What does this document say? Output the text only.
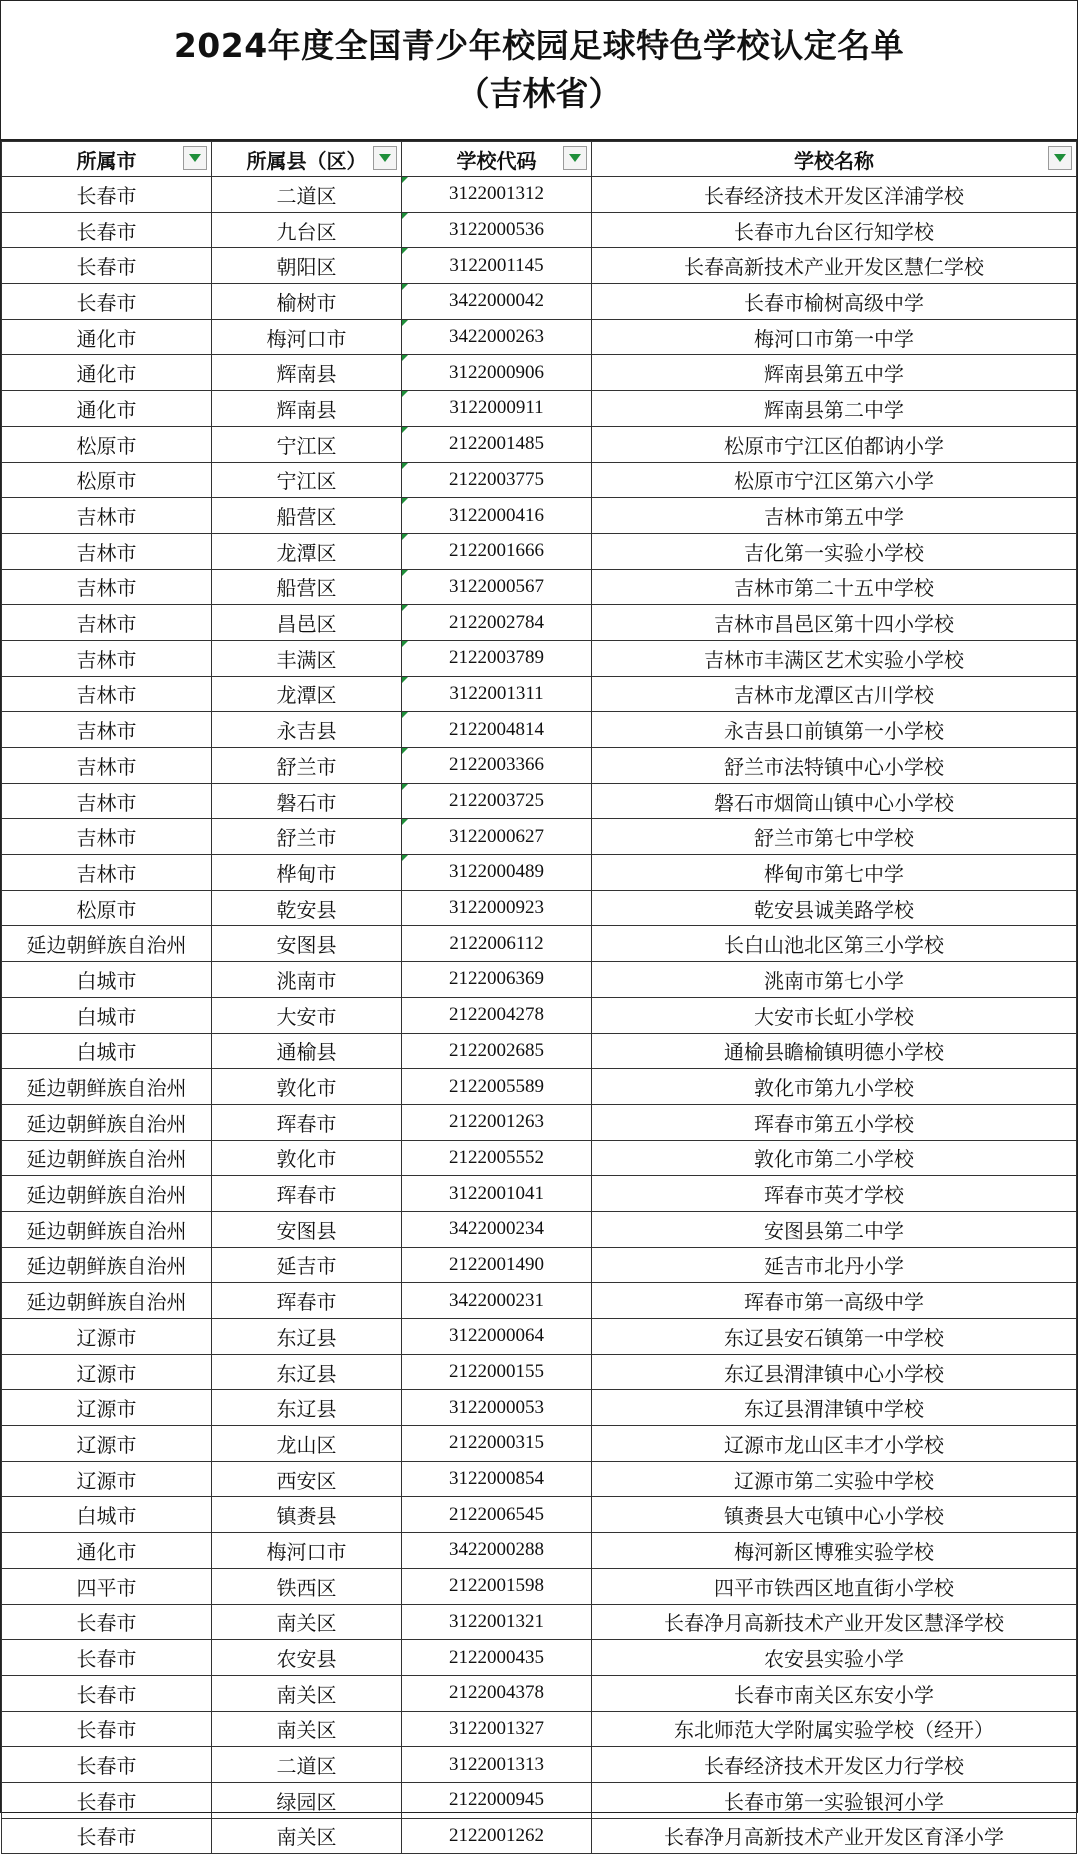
2024年度全国青少年校园足球特色学校认定名单
（吉林省）
所属市	所属县（区）	学校代码	学校名称

长春市	二道区	3122001312	长春经济技术开发区洋浦学校
长春市	九台区	3122000536	长春市九台区行知学校
长春市	朝阳区	3122001145	长春高新技术产业开发区慧仁学校
长春市	榆树市	3422000042	长春市榆树高级中学
通化市	梅河口市	3422000263	梅河口市第一中学
通化市	辉南县	3122000906	辉南县第五中学
通化市	辉南县	3122000911	辉南县第二中学
松原市	宁江区	2122001485	松原市宁江区伯都讷小学
松原市	宁江区	2122003775	松原市宁江区第六小学
吉林市	船营区	3122000416	吉林市第五中学
吉林市	龙潭区	2122001666	吉化第一实验小学校
吉林市	船营区	3122000567	吉林市第二十五中学校
吉林市	昌邑区	2122002784	吉林市昌邑区第十四小学校
吉林市	丰满区	2122003789	吉林市丰满区艺术实验小学校
吉林市	龙潭区	3122001311	吉林市龙潭区古川学校
吉林市	永吉县	2122004814	永吉县口前镇第一小学校
吉林市	舒兰市	2122003366	舒兰市法特镇中心小学校
吉林市	磐石市	2122003725	磐石市烟筒山镇中心小学校
吉林市	舒兰市	3122000627	舒兰市第七中学校
吉林市	桦甸市	3122000489	桦甸市第七中学
松原市	乾安县	3122000923	乾安县诚美路学校
延边朝鲜族自治州	安图县	2122006112	长白山池北区第三小学校
白城市	洮南市	2122006369	洮南市第七小学
白城市	大安市	2122004278	大安市长虹小学校
白城市	通榆县	2122002685	通榆县瞻榆镇明德小学校
延边朝鲜族自治州	敦化市	2122005589	敦化市第九小学校
延边朝鲜族自治州	珲春市	2122001263	珲春市第五小学校
延边朝鲜族自治州	敦化市	2122005552	敦化市第二小学校
延边朝鲜族自治州	珲春市	3122001041	珲春市英才学校
延边朝鲜族自治州	安图县	3422000234	安图县第二中学
延边朝鲜族自治州	延吉市	2122001490	延吉市北丹小学
延边朝鲜族自治州	珲春市	3422000231	珲春市第一高级中学
辽源市	东辽县	3122000064	东辽县安石镇第一中学校
辽源市	东辽县	2122000155	东辽县渭津镇中心小学校
辽源市	东辽县	3122000053	东辽县渭津镇中学校
辽源市	龙山区	2122000315	辽源市龙山区丰才小学校
辽源市	西安区	3122000854	辽源市第二实验中学校
白城市	镇赉县	2122006545	镇赉县大屯镇中心小学校
通化市	梅河口市	3422000288	梅河新区博雅实验学校
四平市	铁西区	2122001598	四平市铁西区地直街小学校
长春市	南关区	3122001321	长春净月高新技术产业开发区慧泽学校
长春市	农安县	2122000435	农安县实验小学
长春市	南关区	2122004378	长春市南关区东安小学
长春市	南关区	3122001327	东北师范大学附属实验学校（经开）
长春市	二道区	3122001313	长春经济技术开发区力行学校
长春市	绿园区	2122000945	长春市第一实验银河小学
长春市	南关区	2122001262	长春净月高新技术产业开发区育泽小学
